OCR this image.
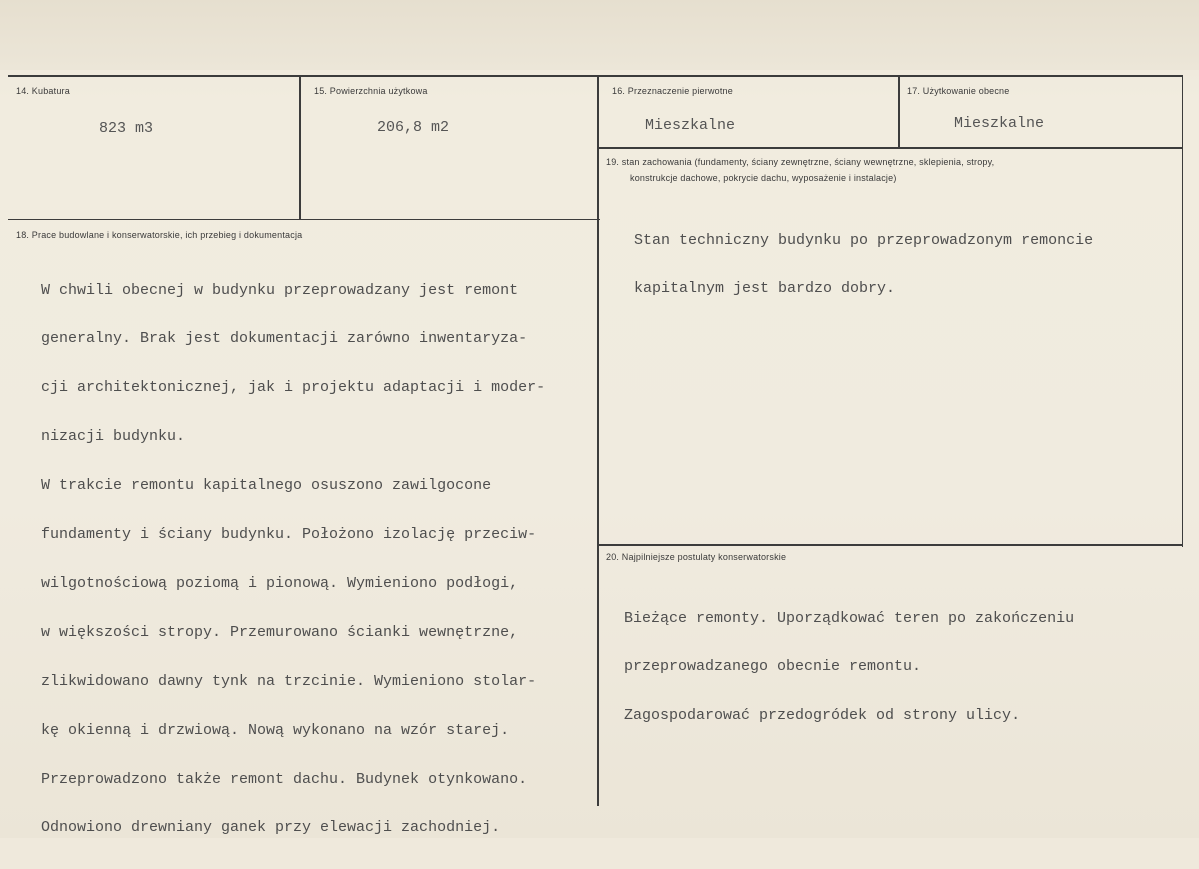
14. Kubatura
823 m3
15. Powierzchnia użytkowa
206,8 m2
16. Przeznaczenie pierwotne
Mieszkalne
17. Użytkowanie obecne
Mieszkalne
18. Prace budowlane i konserwatorskie, ich przebieg i dokumentacja

W chwili obecnej w budynku przeprowadzany jest remont

generalny. Brak jest dokumentacji zarówno inwentaryza-

cji architektonicznej, jak i projektu adaptacji i moder-

nizacji budynku.

W trakcie remontu kapitalnego osuszono zawilgocone

fundamenty i ściany budynku. Położono izolację przeciw-

wilgotnościową poziomą i pionową. Wymieniono podłogi,

w większości stropy. Przemurowano ścianki wewnętrzne,

zlikwidowano dawny tynk na trzcinie. Wymieniono stolar-

kę okienną i drzwiową. Nową wykonano na wzór starej.

Przeprowadzono także remont dachu. Budynek otynkowano.

Odnowiono drewniany ganek przy elewacji zachodniej.

19. stan zachowania (fundamenty, ściany zewnętrzne, ściany wewnętrzne, sklepienia, stropy,
konstrukcje dachowe, pokrycie dachu, wyposażenie i instalacje)

Stan techniczny budynku po przeprowadzonym remoncie

kapitalnym jest bardzo dobry.

20. Najpilniejsze postulaty konserwatorskie

Bieżące remonty. Uporządkować teren po zakończeniu

przeprowadzanego obecnie remontu.

Zagospodarować przedogródek od strony ulicy.
